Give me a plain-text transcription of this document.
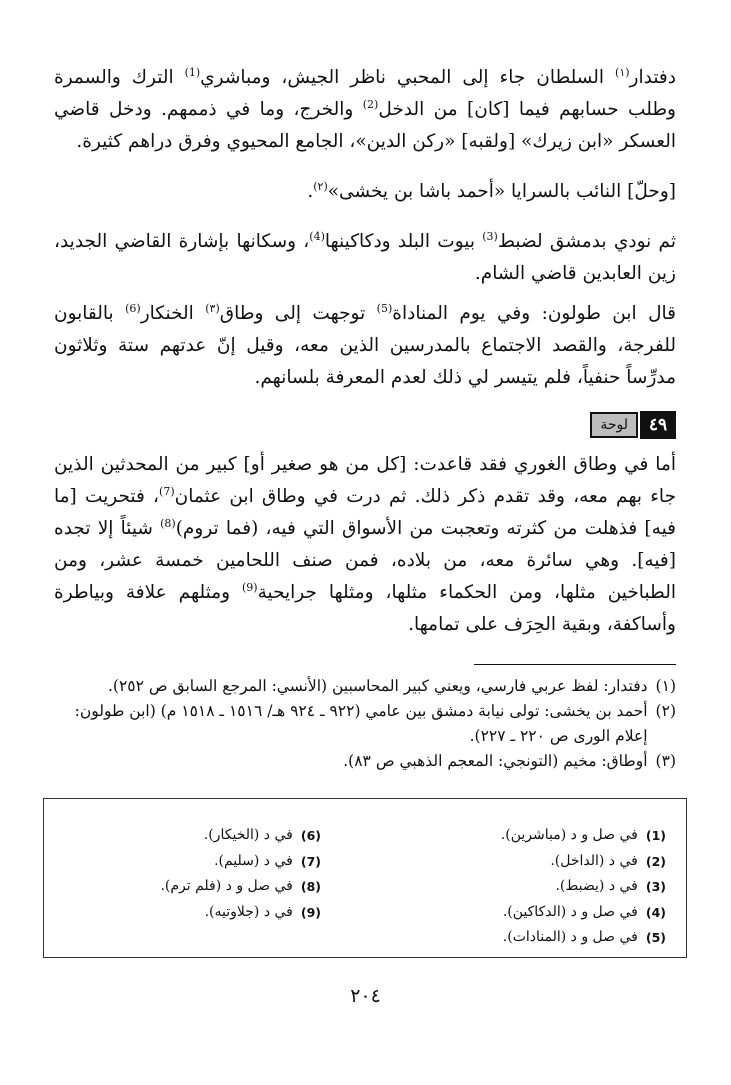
دفتدار$^{(١)}$ السلطان جاء إلى المحبي ناظر الجيش، ومباشري$^{(1)}$ الترك والسمرة وطلب حسابهم فيما [كان] من الدخل$^{(2)}$ والخرج، وما في ذممهم. ودخل قاضي العسكر «ابن زيرك» [ولقبه] «ركن الدين»، الجامع المحيوي وفرق دراهم كثيرة.
[وحلّ] النائب بالسرايا «أحمد باشا بن يخشى»$^{(٢)}$.
ثم نودي بدمشق لضبط$^{(3)}$ بيوت البلد ودكاكينها$^{(4)}$، وسكانها بإشارة القاضي الجديد، زين العابدين قاضي الشام.
قال ابن طولون: وفي يوم المناداة$^{(5)}$ توجهت إلى وطاق$^{(٣)}$ الخنكار$^{(6)}$ بالقابون للفرجة، والقصد الاجتماع بالمدرسين الذين معه، وقيل إنّ عدتهم ستة وثلاثون مدرِّساً حنفياً، فلم يتيسر لي ذلك لعدم المعرفة بلسانهم.
٤٩
لوحة
أما في وطاق الغوري فقد قاعدت: [كل من هو صغير أو] كبير من المحدثين الذين جاء بهم معه، وقد تقدم ذكر ذلك. ثم درت في وطاق ابن عثمان$^{(7)}$، فتحريت [ما فيه] فذهلت من كثرته وتعجبت من الأسواق التي فيه، (فما تروم)$^{(8)}$ شيئاً إلا تجده [فيه]. وهي سائرة معه، من بلاده، فمن صنف اللحامين خمسة عشر، ومن الطباخين مثلها، ومن الحكماء مثلها، ومثلها جرايحية$^{(9)}$ ومثلهم علافة وبياطرة وأساكفة، وبقية الحِرَف على تمامها.
(١)
دفتدار: لفظ عربي فارسي، ويعني كبير المحاسبين (الأنسي: المرجع السابق ص ٢٥٢).
(٢)
أحمد بن يخشى: تولى نيابة دمشق بين عامي (٩٢٢ ـ ٩٢٤ هـ/ ١٥١٦ ـ ١٥١٨ م) (ابن طولون: إعلام الورى ص ٢٢٠ ـ ٢٢٧).
(٣)
أوطاق: مخيم (التونجي: المعجم الذهبي ص ٨٣).
(1)
في صل و د (مباشرين).
(2)
في د (الداخل).
(3)
في د (يضبط).
(4)
في صل و د (الدكاكين).
(5)
في صل و د (المنادات).
(6)
في د (الخيكار).
(7)
في د (سليم).
(8)
في صل و د (فلم ترم).
(9)
في د (جلاوتيه).
٢٠٤
